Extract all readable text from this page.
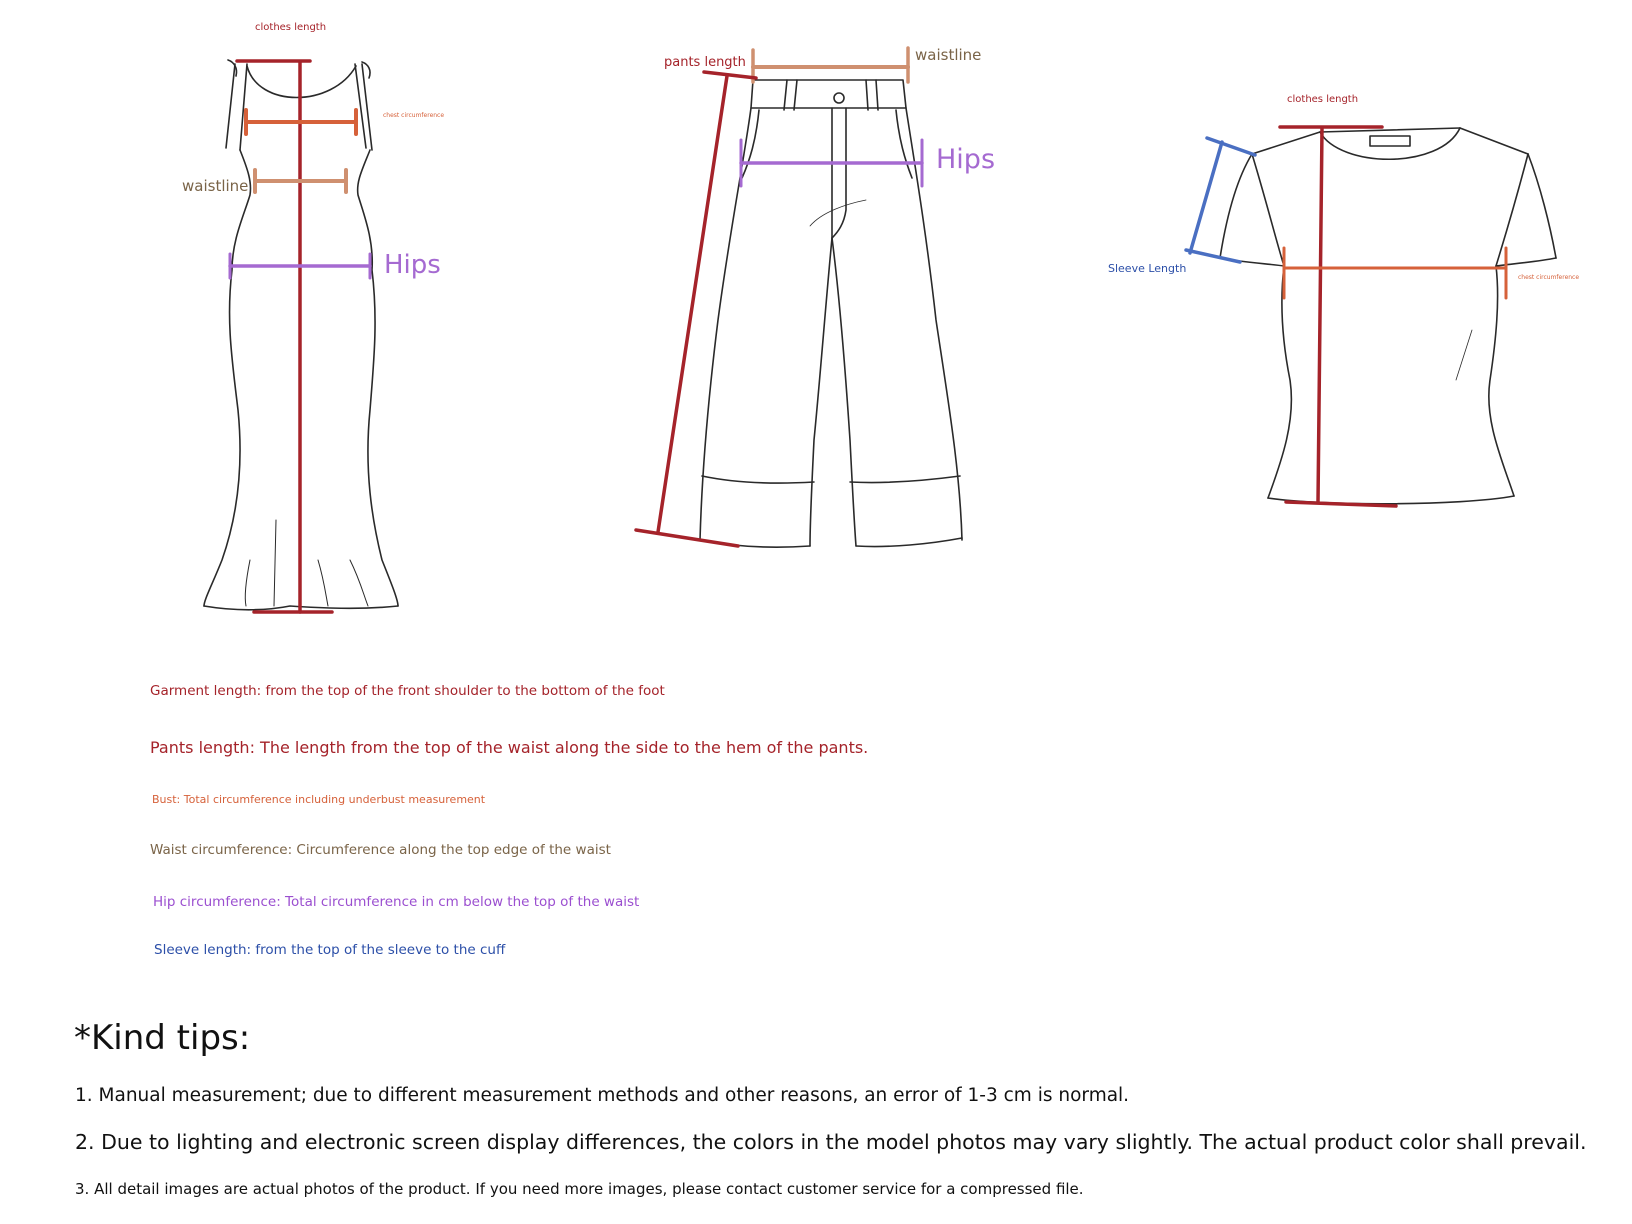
clothes length
chest circumference
waistline
Hips
pants length	waistline
Hips
clothes length
Sleeve Length
chest circumference
Garment length: from the top of the front shoulder to the bottom of the foot
Pants length: The length from the top of the waist along the side to the hem of the pants.
Bust: Total circumference including underbust measurement
Waist circumference: Circumference along the top edge of the waist
Hip circumference: Total circumference in cm below the top of the waist
Sleeve length: from the top of the sleeve to the cuff
*Kind tips:
1. Manual measurement; due to different measurement methods and other reasons, an error of 1-3 cm is normal.
2. Due to lighting and electronic screen display differences, the colors in the model photos may vary slightly. The actual product color shall prevail.
3. All detail images are actual photos of the product. If you need more images, please contact customer service for a compressed file.
